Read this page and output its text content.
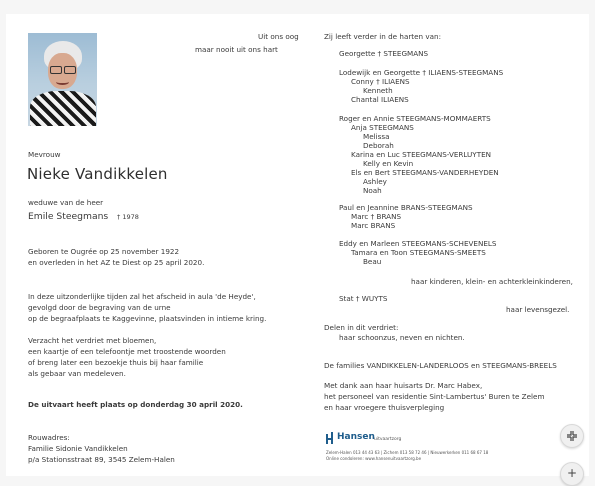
Uit ons oog
maar nooit uit ons hart
Mevrouw
Nieke Vandikkelen
weduwe van de heer
Emile Steegmans † 1978
Geboren te Ougrée op 25 november 1922
en overleden in het AZ te Diest op 25 april 2020.
In deze uitzonderlijke tijden zal het afscheid in aula 'de Heyde',
gevolgd door de begraving van de urne
op de begraafplaats te Kaggevinne, plaatsvinden in intieme kring.
Verzacht het verdriet met bloemen,
een kaartje of een telefoontje met troostende woorden
of breng later een bezoekje thuis bij haar familie
als gebaar van medeleven.
De uitvaart heeft plaats op donderdag 30 april 2020.
Rouwadres:
Familie Sidonie Vandikkelen
p/a Stationsstraat 89, 3545 Zelem-Halen
Zij leeft verder in de harten van:
Georgette † STEEGMANS
Lodewijk en Georgette † ILIAENS-STEEGMANS
Conny † ILIAENS
Kenneth
Chantal ILIAENS
Roger en Annie STEEGMANS-MOMMAERTS
Anja STEEGMANS
Melissa
Deborah
Karina en Luc STEEGMANS-VERLUYTEN
Kelly en Kevin
Els en Bert STEEGMANS-VANDERHEYDEN
Ashley
Noah
Paul en Jeannine BRANS-STEEGMANS
Marc † BRANS
Marc BRANS
Eddy en Marleen STEEGMANS-SCHEVENELS
Tamara en Toon STEEGMANS-SMEETS
Beau
haar kinderen, klein- en achterkleinkinderen,
Stat † WUYTS
haar levensgezel.
Delen in dit verdriet:
haar schoonzus, neven en nichten.
De families VANDIKKELEN-LANDERLOOS en STEEGMANS-BREELS
Met dank aan haar huisarts Dr. Marc Habex,
het personeel van residentie Sint-Lambertus' Buren te Zelem
en haar vroegere thuisverpleging
Hansen uitvaartzorg
Zelem-Halen 013 44 43 63 | Zichem 013 58 72 46 | Nieuwerkerken 011 68 67 18
Online condoleren: www.hansenuitvaartzorg.be
+
